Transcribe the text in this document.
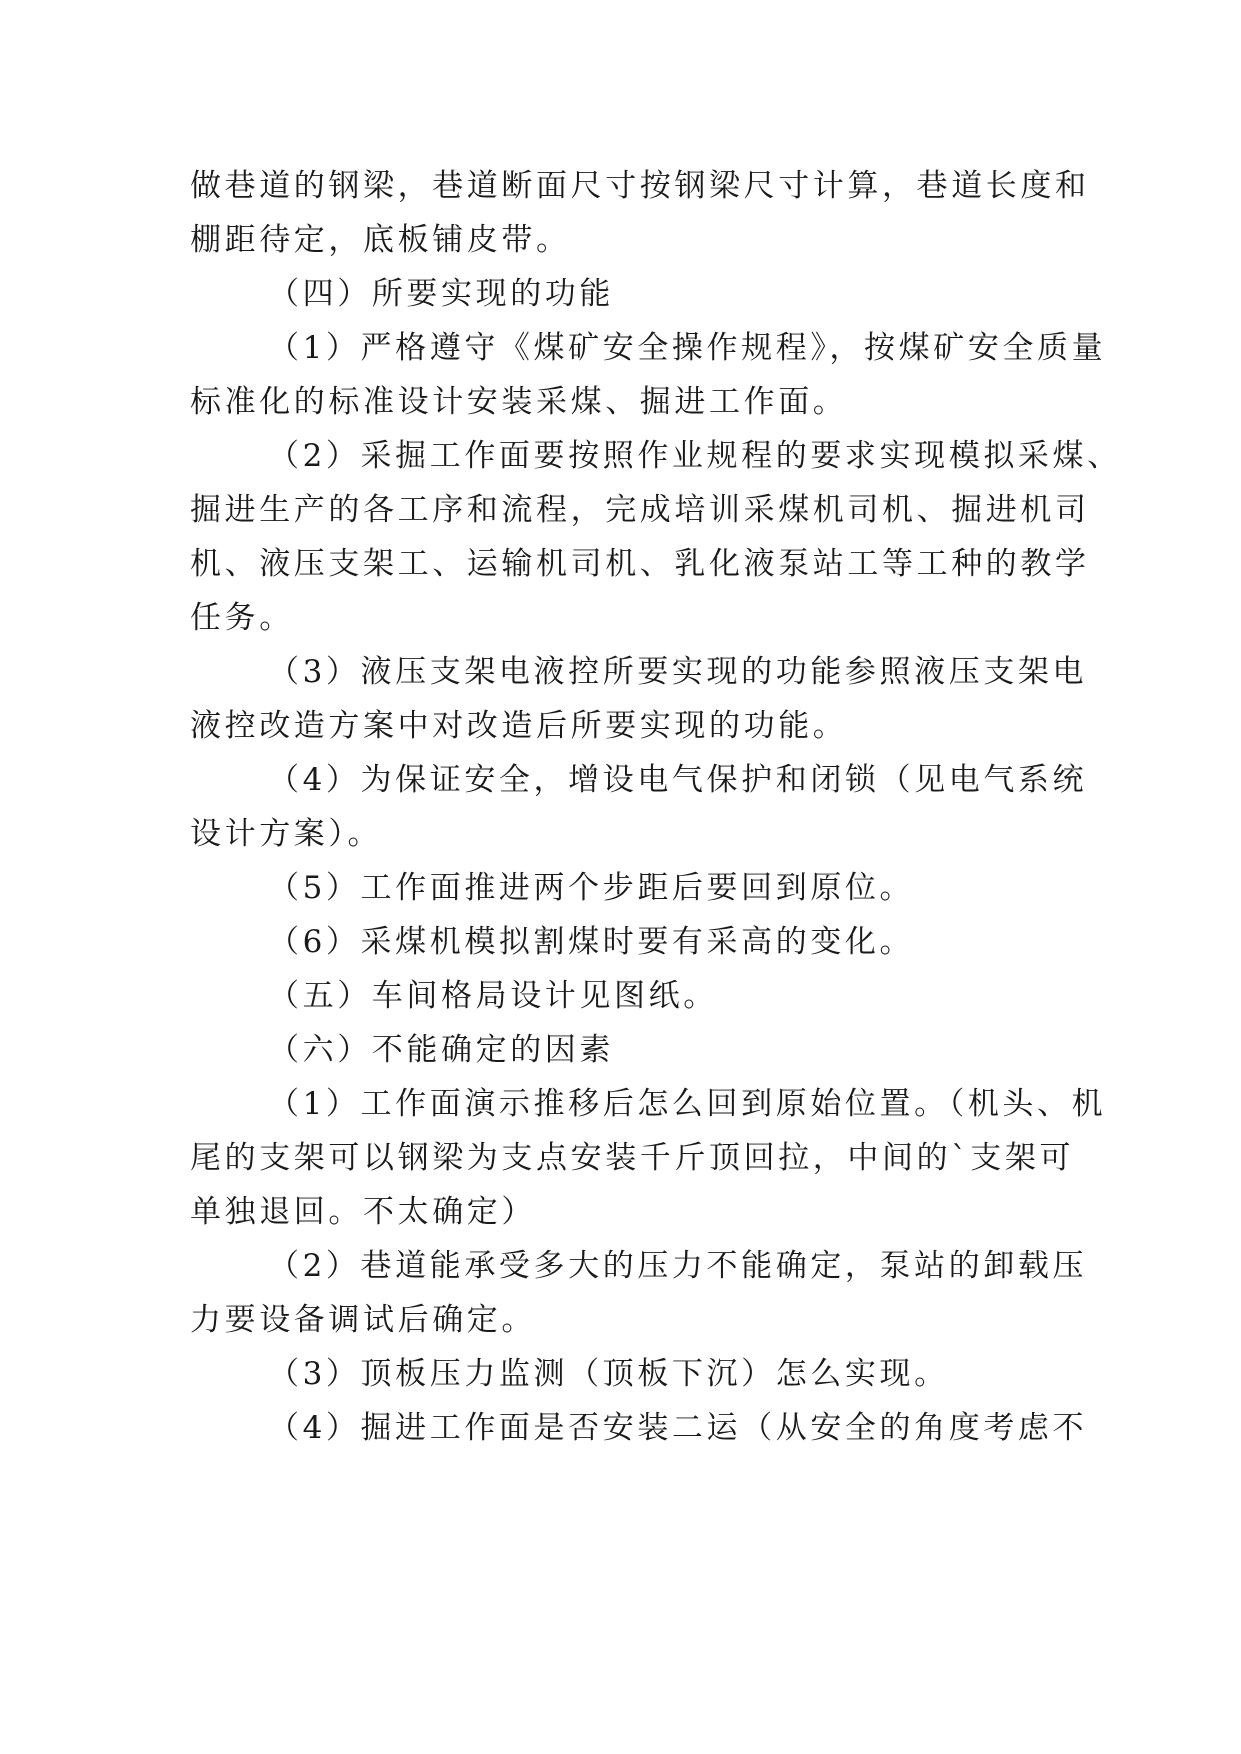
做巷道的钢梁，巷道断面尺寸按钢梁尺寸计算，巷道长度和
棚距待定，底板铺皮带。
（四）所要实现的功能
（1）严格遵守《煤矿安全操作规程》，按煤矿安全质量
标准化的标准设计安装采煤、掘进工作面。
（2）采掘工作面要按照作业规程的要求实现模拟采煤、
掘进生产的各工序和流程，完成培训采煤机司机、掘进机司
机、液压支架工、运输机司机、乳化液泵站工等工种的教学
任务。
（3）液压支架电液控所要实现的功能参照液压支架电
液控改造方案中对改造后所要实现的功能。
（4）为保证安全，增设电气保护和闭锁（见电气系统
设计方案）。
（5）工作面推进两个步距后要回到原位。
（6）采煤机模拟割煤时要有采高的变化。
（五）车间格局设计见图纸。
（六）不能确定的因素
（1）工作面演示推移后怎么回到原始位置。（机头、机
尾的支架可以钢梁为支点安装千斤顶回拉，中间的`支架可
单独退回。不太确定）
（2）巷道能承受多大的压力不能确定，泵站的卸载压
力要设备调试后确定。
（3）顶板压力监测（顶板下沉）怎么实现。
（4）掘进工作面是否安装二运（从安全的角度考虑不
